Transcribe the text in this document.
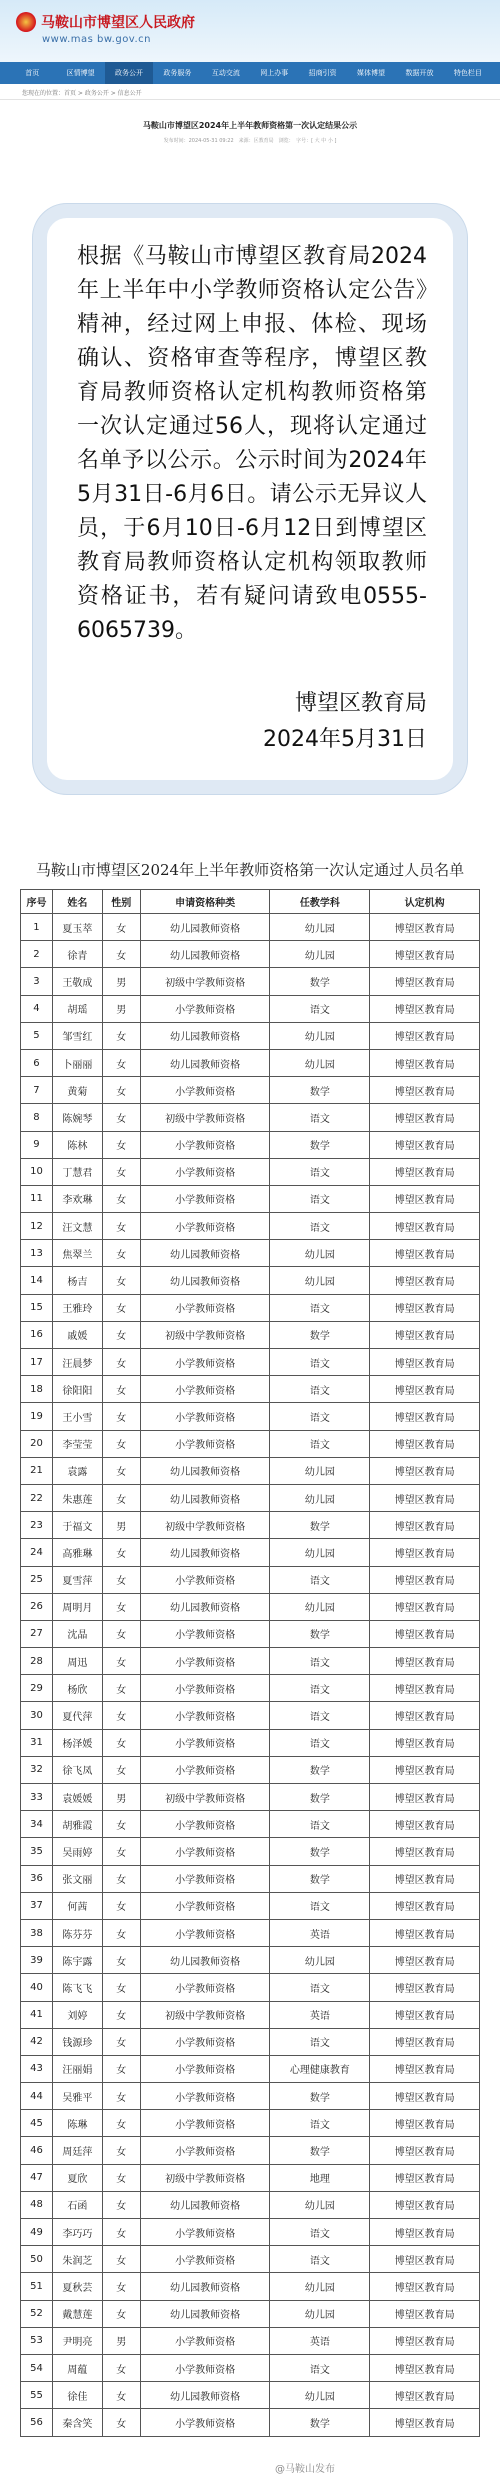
马鞍山市博望区人民政府
www.mas bw.gov.cn
首页	区情博望	政务公开	政务服务	互动交流	网上办事	招商引资	媒体博望	数据开放	特色栏目
您现在的位置：首页 > 政务公开 > 信息公开
马鞍山市博望区2024年上半年教师资格第一次认定结果公示
发布时间：2024-05-31 09:22　来源：区教育局　浏览：　字号：[ 大 中 小 ]

根据《马鞍山市博望区教育局2024年上半年中小学教师资格认定公告》精神，经过网上申报、体检、现场确认、资格审查等程序，博望区教育局教师资格认定机构教师资格第一次认定通过56人，现将认定通过名单予以公示。公示时间为2024年5月31日-6月6日。请公示无异议人员，于6月10日-6月12日到博望区教育局教师资格认定机构领取教师资格证书，若有疑问请致电0555-6065739。

博望区教育局
2024年5月31日
马鞍山市博望区2024年上半年教师资格第一次认定通过人员名单
序号	姓名	性别	申请资格种类	任教学科	认定机构
1	夏玉萃	女	幼儿园教师资格	幼儿园	博望区教育局
2	徐青	女	幼儿园教师资格	幼儿园	博望区教育局
3	王敬成	男	初级中学教师资格	数学	博望区教育局
4	胡瑶	男	小学教师资格	语文	博望区教育局
5	邹雪红	女	幼儿园教师资格	幼儿园	博望区教育局
6	卜丽丽	女	幼儿园教师资格	幼儿园	博望区教育局
7	黄菊	女	小学教师资格	数学	博望区教育局
8	陈婉琴	女	初级中学教师资格	语文	博望区教育局
9	陈林	女	小学教师资格	数学	博望区教育局
10	丁慧君	女	小学教师资格	语文	博望区教育局
11	李欢琳	女	小学教师资格	语文	博望区教育局
12	汪文慧	女	小学教师资格	语文	博望区教育局
13	焦翠兰	女	幼儿园教师资格	幼儿园	博望区教育局
14	杨吉	女	幼儿园教师资格	幼儿园	博望区教育局
15	王雅玲	女	小学教师资格	语文	博望区教育局
16	戚媛	女	初级中学教师资格	数学	博望区教育局
17	汪晨梦	女	小学教师资格	语文	博望区教育局
18	徐阳阳	女	小学教师资格	语文	博望区教育局
19	王小雪	女	小学教师资格	语文	博望区教育局
20	李莹莹	女	小学教师资格	语文	博望区教育局
21	袁露	女	幼儿园教师资格	幼儿园	博望区教育局
22	朱惠莲	女	幼儿园教师资格	幼儿园	博望区教育局
23	于福文	男	初级中学教师资格	数学	博望区教育局
24	高雅琳	女	幼儿园教师资格	幼儿园	博望区教育局
25	夏雪萍	女	小学教师资格	语文	博望区教育局
26	周明月	女	幼儿园教师资格	幼儿园	博望区教育局
27	沈晶	女	小学教师资格	数学	博望区教育局
28	周迅	女	小学教师资格	语文	博望区教育局
29	杨欣	女	小学教师资格	语文	博望区教育局
30	夏代萍	女	小学教师资格	语文	博望区教育局
31	杨泽媛	女	小学教师资格	语文	博望区教育局
32	徐飞凤	女	小学教师资格	数学	博望区教育局
33	袁媛媛	男	初级中学教师资格	数学	博望区教育局
34	胡雅霞	女	小学教师资格	语文	博望区教育局
35	吴雨婷	女	小学教师资格	数学	博望区教育局
36	张文丽	女	小学教师资格	数学	博望区教育局
37	何茜	女	小学教师资格	语文	博望区教育局
38	陈芬芬	女	小学教师资格	英语	博望区教育局
39	陈宇露	女	幼儿园教师资格	幼儿园	博望区教育局
40	陈飞飞	女	小学教师资格	语文	博望区教育局
41	刘婷	女	初级中学教师资格	英语	博望区教育局
42	钱源珍	女	小学教师资格	语文	博望区教育局
43	汪丽娟	女	小学教师资格	心理健康教育	博望区教育局
44	吴雅平	女	小学教师资格	数学	博望区教育局
45	陈琳	女	小学教师资格	语文	博望区教育局
46	周廷萍	女	小学教师资格	数学	博望区教育局
47	夏欣	女	初级中学教师资格	地理	博望区教育局
48	石函	女	幼儿园教师资格	幼儿园	博望区教育局
49	李巧巧	女	小学教师资格	语文	博望区教育局
50	朱润芝	女	小学教师资格	语文	博望区教育局
51	夏秋芸	女	幼儿园教师资格	幼儿园	博望区教育局
52	戴慧莲	女	幼儿园教师资格	幼儿园	博望区教育局
53	尹明亮	男	小学教师资格	英语	博望区教育局
54	周蕴	女	小学教师资格	语文	博望区教育局
55	徐佳	女	幼儿园教师资格	幼儿园	博望区教育局
56	秦含笑	女	小学教师资格	数学	博望区教育局
@马鞍山发布
